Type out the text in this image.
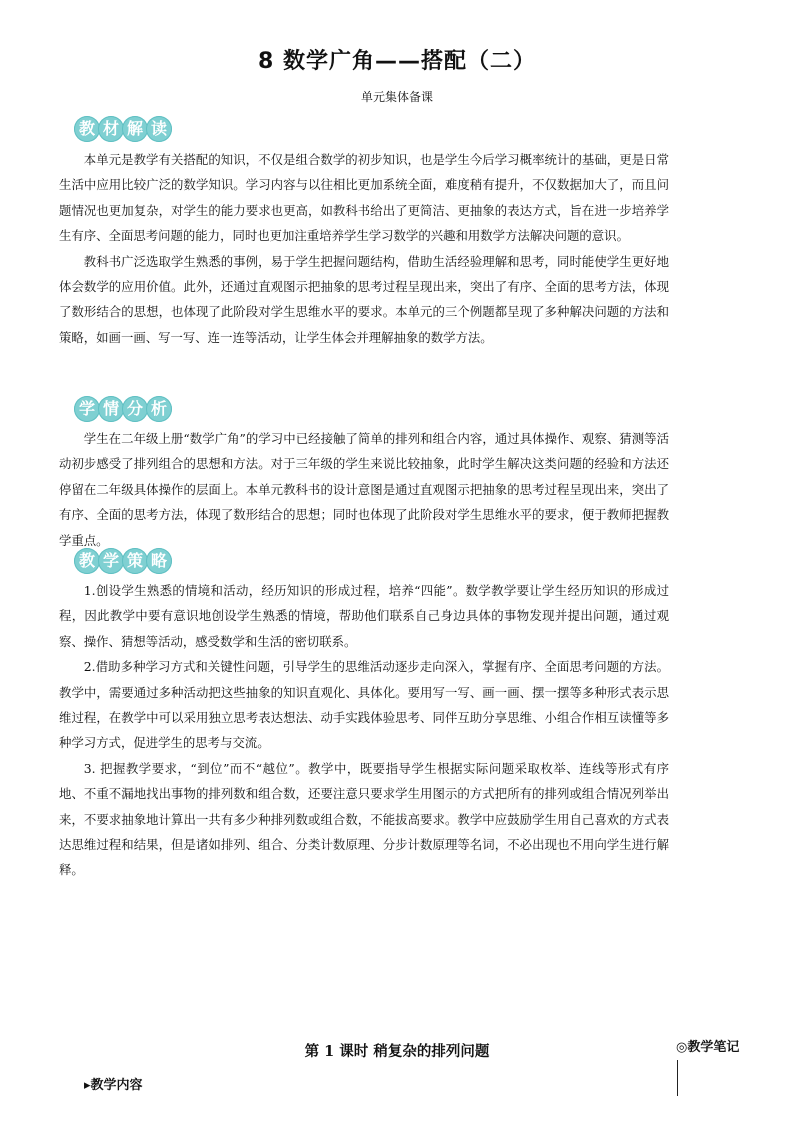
8 数学广角——搭配（二）
单元集体备课
教 材 解 读

本单元是教学有关搭配的知识，不仅是组合数学的初步知识，也是学生今后学习概率统计的基础，更是日常生活中应用比较广泛的数学知识。学习内容与以往相比更加系统全面，难度稍有提升，不仅数据加大了，而且问题情况也更加复杂，对学生的能力要求也更高，如教科书给出了更简洁、更抽象的表达方式，旨在进一步培养学生有序、全面思考问题的能力，同时也更加注重培养学生学习数学的兴趣和用数学方法解决问题的意识。

教科书广泛选取学生熟悉的事例，易于学生把握问题结构，借助生活经验理解和思考，同时能使学生更好地体会数学的应用价值。此外，还通过直观图示把抽象的思考过程呈现出来，突出了有序、全面的思考方法，体现了数形结合的思想，也体现了此阶段对学生思维水平的要求。本单元的三个例题都呈现了多种解决问题的方法和策略，如画一画、写一写、连一连等活动，让学生体会并理解抽象的数学方法。

学 情 分 析

学生在二年级上册“数学广角”的学习中已经接触了简单的排列和组合内容，通过具体操作、观察、猜测等活动初步感受了排列组合的思想和方法。对于三年级的学生来说比较抽象，此时学生解决这类问题的经验和方法还停留在二年级具体操作的层面上。本单元教科书的设计意图是通过直观图示把抽象的思考过程呈现出来，突出了有序、全面的思考方法，体现了数形结合的思想；同时也体现了此阶段对学生思维水平的要求，便于教师把握教学重点。

教 学 策 略

1.创设学生熟悉的情境和活动，经历知识的形成过程，培养“四能”。数学教学要让学生经历知识的形成过程，因此教学中要有意识地创设学生熟悉的情境，帮助他们联系自己身边具体的事物发现并提出问题，通过观察、操作、猜想等活动，感受数学和生活的密切联系。

2.借助多种学习方式和关键性问题，引导学生的思维活动逐步走向深入，掌握有序、全面思考问题的方法。教学中，需要通过多种活动把这些抽象的知识直观化、具体化。要用写一写、画一画、摆一摆等多种形式表示思维过程，在教学中可以采用独立思考表达想法、动手实践体验思考、同伴互助分享思维、小组合作相互读懂等多种学习方式，促进学生的思考与交流。

3. 把握教学要求，“到位”而不“越位”。教学中，既要指导学生根据实际问题采取枚举、连线等形式有序地、不重不漏地找出事物的排列数和组合数，还要注意只要求学生用图示的方式把所有的排列或组合情况列举出来，不要求抽象地计算出一共有多少种排列数或组合数，不能拔高要求。教学中应鼓励学生用自己喜欢的方式表达思维过程和结果，但是诸如排列、组合、分类计数原理、分步计数原理等名词，不必出现也不用向学生进行解释。

第 1 课时 稍复杂的排列问题	◎教学笔记
▸教学内容
